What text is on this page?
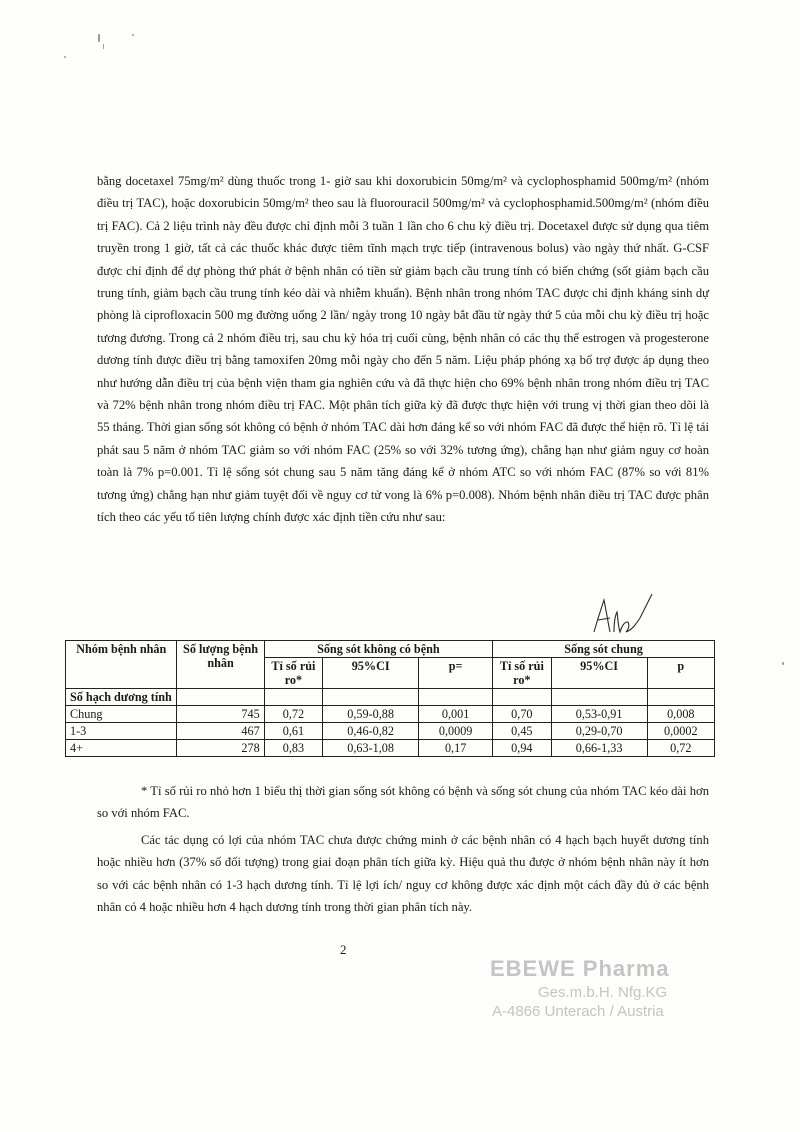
bằng docetaxel 75mg/m² dùng thuốc trong 1- giờ sau khi doxorubicin 50mg/m² và cyclophosphamid 500mg/m² (nhóm điều trị TAC), hoặc doxorubicin 50mg/m² theo sau là fluorouracil 500mg/m² và cyclophosphamid.500mg/m² (nhóm điều trị FAC). Cả 2 liệu trình này đều được chỉ định mỗi 3 tuần 1 lần cho 6 chu kỳ điều trị. Docetaxel được sử dụng qua tiêm truyền trong 1 giờ, tất cả các thuốc khác được tiêm tĩnh mạch trực tiếp (intravenous bolus) vào ngày thứ nhất. G-CSF được chỉ định để dự phòng thứ phát ở bệnh nhân có tiền sử giảm bạch cầu trung tính có biến chứng (sốt giảm bạch cầu trung tính, giảm bạch cầu trung tính kéo dài và nhiễm khuẩn). Bệnh nhân trong nhóm TAC được chỉ định kháng sinh dự phòng là ciprofloxacin 500 mg đường uống 2 lần/ ngày trong 10 ngày bắt đầu từ ngày thứ 5 của mỗi chu kỳ điều trị hoặc tương đương. Trong cả 2 nhóm điều trị, sau chu kỳ hóa trị cuối cùng, bệnh nhân có các thụ thể estrogen và progesterone dương tính được điều trị bằng tamoxifen 20mg mỗi ngày cho đến 5 năm. Liệu pháp phóng xạ bổ trợ được áp dụng theo như hướng dẫn điều trị của bệnh viện tham gia nghiên cứu và đã thực hiện cho 69% bệnh nhân trong nhóm điều trị TAC và 72% bệnh nhân trong nhóm điều trị FAC. Một phân tích giữa kỳ đã được thực hiện với trung vị thời gian theo dõi là 55 tháng. Thời gian sống sót không có bệnh ở nhóm TAC dài hơn đáng kể so với nhóm FAC đã được thể hiện rõ. Tỉ lệ tái phát sau 5 năm ở nhóm TAC giảm so với nhóm FAC (25% so với 32% tương ứng), chẳng hạn như giảm nguy cơ hoàn toàn là 7% p=0.001. Tỉ lệ sống sót chung sau 5 năm tăng đáng kể ở nhóm ATC so với nhóm FAC (87% so với 81% tương ứng) chẳng hạn như giảm tuyệt đối về nguy cơ tử vong là 6% p=0.008). Nhóm bệnh nhân điều trị TAC được phân tích theo các yếu tố tiên lượng chính được xác định tiền cứu như sau:

Nhóm bệnh nhân	Số lượng bệnh nhân	Sống sót không có bệnh			Sống sót chung		
		Tỉ số rủi ro*	95%CI	p=	Tỉ số rủi ro*	95%CI	p
Số hạch dương tính							
Chung	745	0,72	0,59-0,88	0,001	0,70	0,53-0,91	0,008
1-3	467	0,61	0,46-0,82	0,0009	0,45	0,29-0,70	0,0002
4+	278	0,83	0,63-1,08	0,17	0,94	0,66-1,33	0,72

* Tỉ số rủi ro nhỏ hơn 1 biểu thị thời gian sống sót không có bệnh và sống sót chung của nhóm TAC kéo dài hơn so với nhóm FAC.

Các tác dụng có lợi của nhóm TAC chưa được chứng minh ở các bệnh nhân có 4 hạch bạch huyết dương tính hoặc nhiều hơn (37% số đối tượng) trong giai đoạn phân tích giữa kỳ. Hiệu quả thu được ở nhóm bệnh nhân này ít hơn so với các bệnh nhân có 1-3 hạch dương tính. Tỉ lệ lợi ích/ nguy cơ không được xác định một cách đầy đủ ở các bệnh nhân có 4 hoặc nhiều hơn 4 hạch dương tính trong thời gian phân tích này.

2
EBEWE Pharma
Ges.m.b.H. Nfg.KG
A-4866 Unterach / Austria
